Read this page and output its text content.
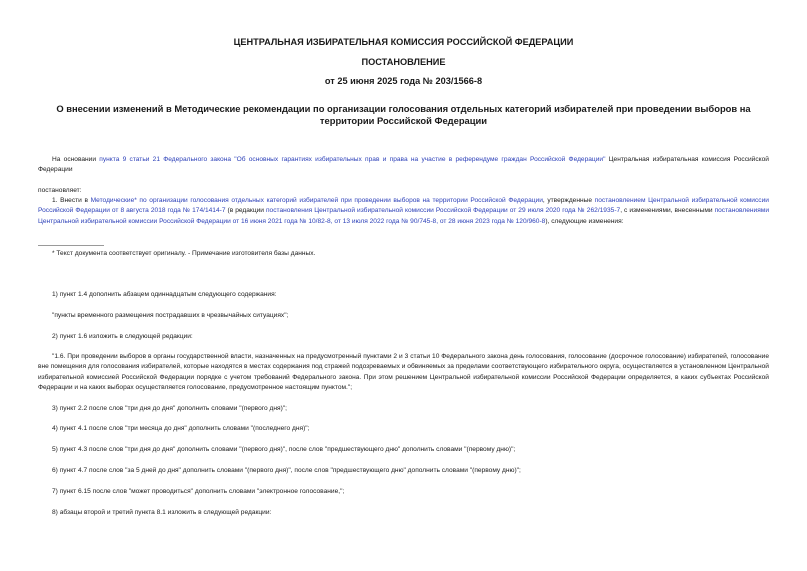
ЦЕНТРАЛЬНАЯ ИЗБИРАТЕЛЬНАЯ КОМИССИЯ РОССИЙСКОЙ ФЕДЕРАЦИИ
ПОСТАНОВЛЕНИЕ
от 25 июня 2025 года № 203/1566-8
О внесении изменений в Методические рекомендации по организации голосования отдельных категорий избирателей при проведении выборов на территории Российской Федерации

На основании пункта 9 статьи 21 Федерального закона "Об основных гарантиях избирательных прав и права на участие в референдуме граждан Российской Федерации" Центральная избирательная комиссия Российской Федерации

постановляет:

1. Внести в Методические* по организации голосования отдельных категорий избирателей при проведении выборов на территории Российской Федерации, утвержденные постановлением Центральной избирательной комиссии Российской Федерации от 8 августа 2018 года № 174/1414-7 (в редакции постановления Центральной избирательной комиссии Российской Федерации от 29 июля 2020 года № 262/1935-7, с изменениями, внесенными постановлениями Центральной избирательной комиссии Российской Федерации от 16 июня 2021 года № 10/82-8, от 13 июля 2022 года № 90/745-8, от 28 июня 2023 года № 120/960-8), следующие изменения:

* Текст документа соответствует оригиналу. - Примечание изготовителя базы данных.

1) пункт 1.4 дополнить абзацем одиннадцатым следующего содержания:

"пункты временного размещения пострадавших в чрезвычайных ситуациях";

2) пункт 1.6 изложить в следующей редакции:

"1.6. При проведении выборов в органы государственной власти, назначенных на предусмотренный пунктами 2 и 3 статьи 10 Федерального закона день голосования, голосование (досрочное голосование) избирателей, голосование вне помещения для голосования избирателей, которые находятся в местах содержания под стражей подозреваемых и обвиняемых за пределами соответствующего избирательного округа, осуществляется в установленном Центральной избирательной комиссией Российской Федерации порядке с учетом требований Федерального закона. При этом решением Центральной избирательной комиссии Российской Федерации определяется, в каких субъектах Российской Федерации и на каких выборах осуществляется голосование, предусмотренное настоящим пунктом.";

3) пункт 2.2 после слов "три дня до дня" дополнить словами "(первого дня)";

4) пункт 4.1 после слов "три месяца до дня" дополнить словами "(последнего дня)";

5) пункт 4.3 после слов "три дня до дня" дополнить словами "(первого дня)", после слов "предшествующего дню" дополнить словами "(первому дню)";

6) пункт 4.7 после слов "за 5 дней до дня" дополнить словами "(первого дня)", после слов "предшествующего дню" дополнить словами "(первому дню)";

7) пункт 6.15 после слов "может проводиться" дополнить словами "электронное голосование,";

8) абзацы второй и третий пункта 8.1 изложить в следующей редакции:
